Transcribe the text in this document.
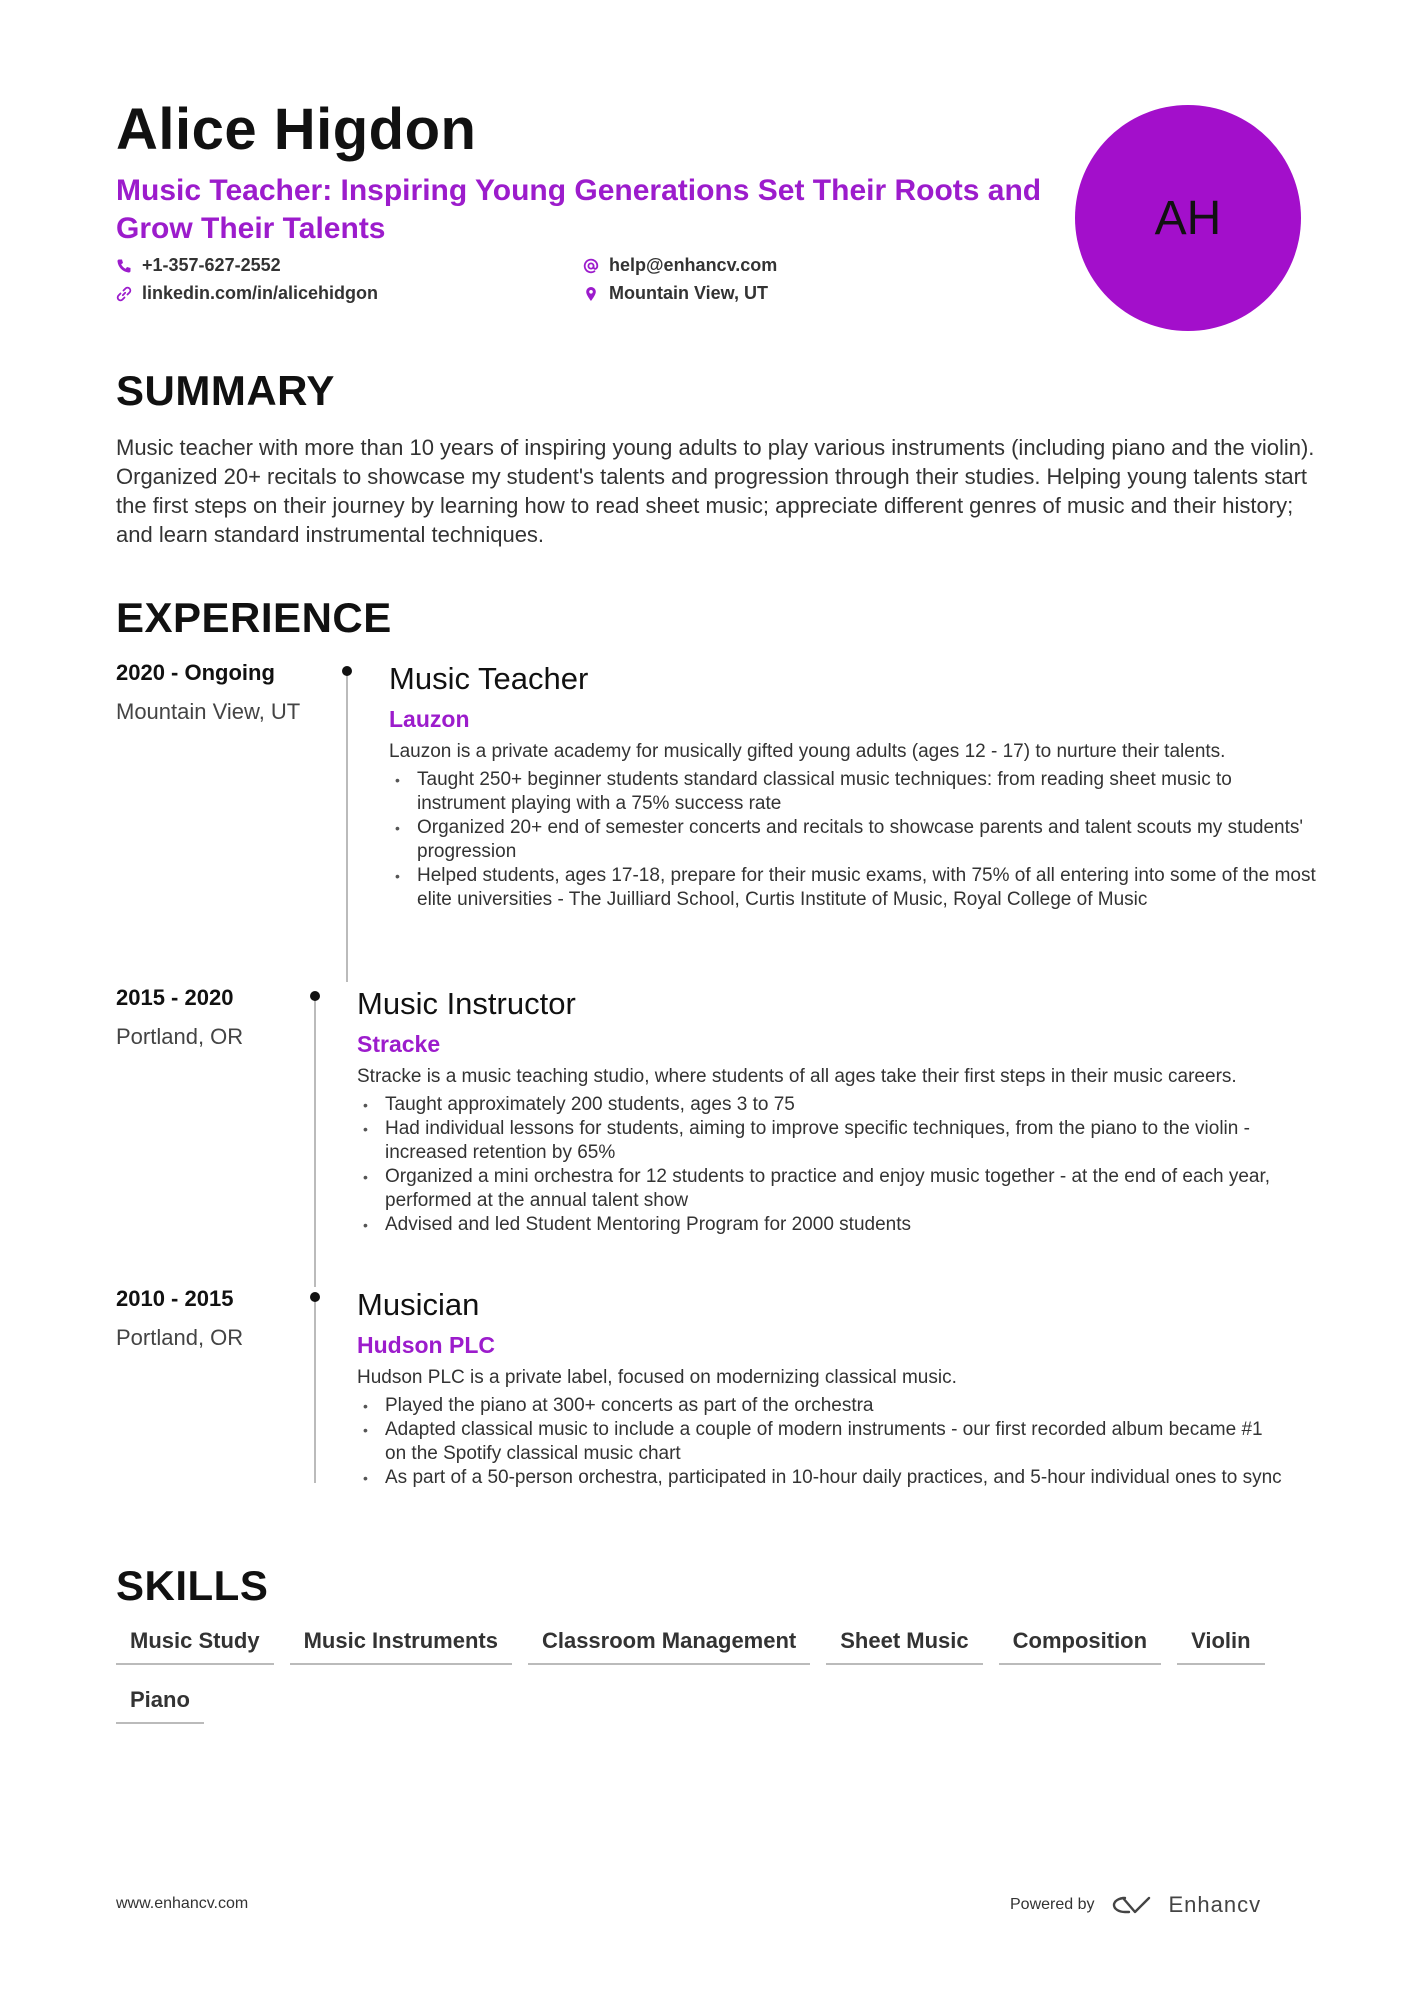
Alice Higdon

Music Teacher: Inspiring Young Generations Set Their Roots and Grow Their Talents

+1-357-627-2552	help@enhancv.com
linkedin.com/in/alicehidgon	Mountain View, UT
AH
SUMMARY

Music teacher with more than 10 years of inspiring young adults to play various instruments (including piano and the violin). Organized 20+ recitals to showcase my student's talents and progression through their studies. Helping young talents start the first steps on their journey by learning how to read sheet music; appreciate different genres of music and their history; and learn standard instrumental techniques.

EXPERIENCE
2020 - Ongoing
Mountain View, UT
Music Teacher
Lauzon
Lauzon is a private academy for musically gifted young adults (ages 12 - 17) to nurture their talents.
• Taught 250+ beginner students standard classical music techniques: from reading sheet music to instrument playing with a 75% success rate
• Organized 20+ end of semester concerts and recitals to showcase parents and talent scouts my students' progression
• Helped students, ages 17-18, prepare for their music exams, with 75% of all entering into some of the most elite universities - The Juilliard School, Curtis Institute of Music, Royal College of Music
2015 - 2020
Portland, OR
Music Instructor
Stracke
Stracke is a music teaching studio, where students of all ages take their first steps in their music careers.
• Taught approximately 200 students, ages 3 to 75
• Had individual lessons for students, aiming to improve specific techniques, from the piano to the violin - increased retention by 65%
• Organized a mini orchestra for 12 students to practice and enjoy music together - at the end of each year, performed at the annual talent show
• Advised and led Student Mentoring Program for 2000 students
2010 - 2015
Portland, OR
Musician
Hudson PLC
Hudson PLC is a private label, focused on modernizing classical music.
• Played the piano at 300+ concerts as part of the orchestra
• Adapted classical music to include a couple of modern instruments - our first recorded album became #1 on the Spotify classical music chart
• As part of a 50-person orchestra, participated in 10-hour daily practices, and 5-hour individual ones to sync
SKILLS
Music Study	Music Instruments	Classroom Management	Sheet Music	Composition	Violin
Piano
www.enhancv.com	Powered by	Enhancv
